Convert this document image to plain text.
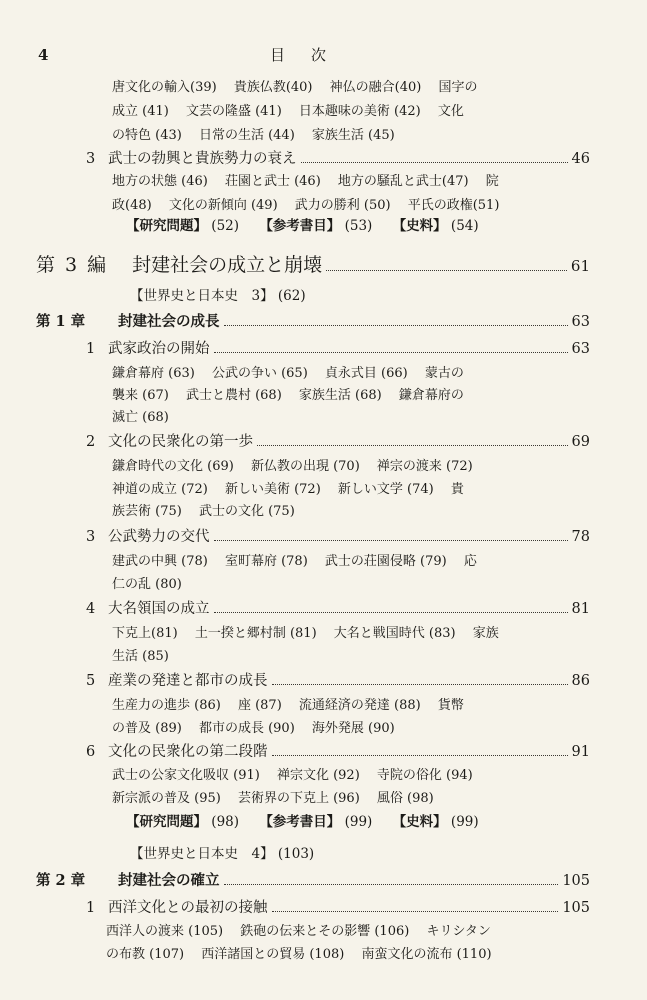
4	目次
唐文化の輸入(39)　 貴族仏教(40)　 神仏の融合(40)　 国字の
成立 (41)　 文芸の隆盛 (41)　 日本趣味の美術 (42)　 文化
の特色 (43)　 日常の生活 (44)　 家族生活 (45)
3 武士の勃興と貴族勢力の衰え	46
地方の状態 (46)　 荘園と武士 (46)　 地方の騒乱と武士(47)　 院
政(48)　 文化の新傾向 (49)　 武力の勝利 (50)　 平氏の政権(51)
【研究問題】 (52) 【参考書目】 (53) 【史料】 (54)
第 3 編 封建社会の成立と崩壊	61
【世界史と日本史　3】 (62)
第 1 章	封建社会の成長	63
1 武家政治の開始	63
鎌倉幕府 (63)　 公武の争い (65)　 貞永式目 (66)　 蒙古の
襲来 (67)　 武士と農村 (68)　 家族生活 (68)　 鎌倉幕府の
滅亡 (68)
2 文化の民衆化の第一歩	69
鎌倉時代の文化 (69)　 新仏教の出現 (70)　 禅宗の渡来 (72)
神道の成立 (72)　 新しい美術 (72)　 新しい文学 (74)　 貴
族芸術 (75)　 武士の文化 (75)
3 公武勢力の交代	78
建武の中興 (78)　 室町幕府 (78)　 武士の荘園侵略 (79)　 応
仁の乱 (80)
4 大名領国の成立	81
下克上(81)　 土一揆と郷村制 (81)　 大名と戦国時代 (83)　 家族
生活 (85)
5 産業の発達と都市の成長	86
生産力の進歩 (86)　 座 (87)　 流通経済の発達 (88)　 貨幣
の普及 (89)　 都市の成長 (90)　 海外発展 (90)
6 文化の民衆化の第二段階	91
武士の公家文化吸収 (91)　 禅宗文化 (92)　 寺院の俗化 (94)
新宗派の普及 (95)　 芸術界の下克上 (96)　 風俗 (98)
【研究問題】 (98) 【参考書目】 (99) 【史料】 (99)
【世界史と日本史　4】 (103)
第 2 章	封建社会の確立	105
1 西洋文化との最初の接触	105
西洋人の渡来 (105)　 鉄砲の伝来とその影響 (106)　 キリシタン
の布教 (107)　 西洋諸国との貿易 (108)　 南蛮文化の流布 (110)
